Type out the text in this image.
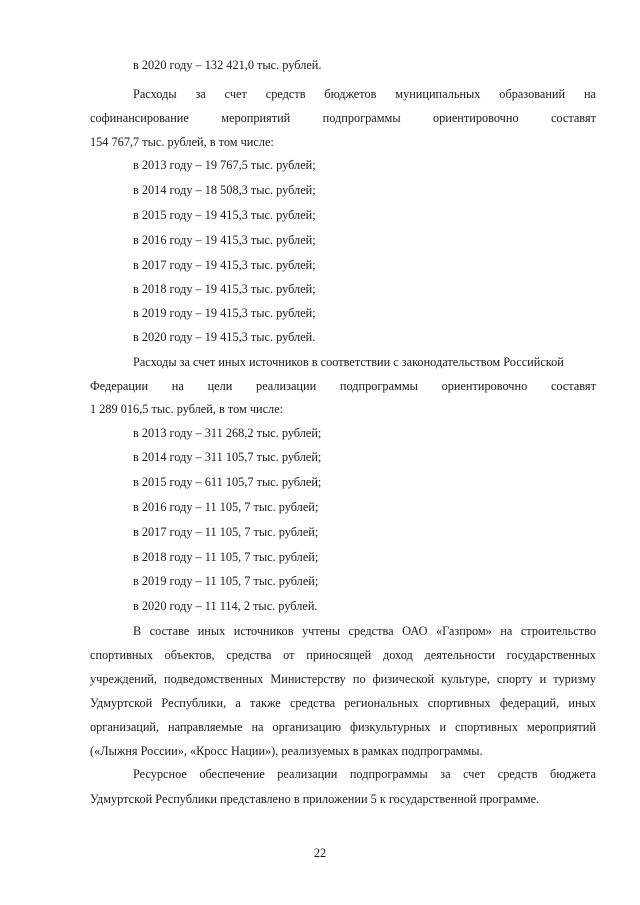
в 2020 году – 132 421,0 тыс. рублей.
Расходы за счет средств бюджетов муниципальных образований на
софинансирование	мероприятий	подпрограммы	ориентировочно	составят
154 767,7 тыс. рублей, в том числе:
в 2013 году – 19 767,5 тыс. рублей;
в 2014 году – 18 508,3 тыс. рублей;
в 2015 году – 19 415,3 тыс. рублей;
в 2016 году – 19 415,3 тыс. рублей;
в 2017 году – 19 415,3 тыс. рублей;
в 2018 году – 19 415,3 тыс. рублей;
в 2019 году – 19 415,3 тыс. рублей;
в 2020 году – 19 415,3 тыс. рублей.
Расходы за счет иных источников в соответствии с законодательством Российской
Федерации на цели реализации подпрограммы ориентировочно составят
1 289 016,5 тыс. рублей, в том числе:
в 2013 году – 311 268,2 тыс. рублей;
в 2014 году – 311 105,7 тыс. рублей;
в 2015 году – 611 105,7 тыс. рублей;
в 2016 году – 11 105, 7 тыс. рублей;
в 2017 году – 11 105, 7 тыс. рублей;
в 2018 году – 11 105, 7 тыс. рублей;
в 2019 году – 11 105, 7 тыс. рублей;
в 2020 году – 11 114, 2 тыс. рублей.
В составе иных источников учтены средства ОАО «Газпром» на строительство
спортивных объектов, средства от приносящей доход деятельности государственных
учреждений, подведомственных Министерству по физической культуре, спорту и туризму
Удмуртской Республики, а также средства региональных спортивных федераций, иных
организаций, направляемые на организацию физкультурных и спортивных мероприятий
(«Лыжня России», «Кросс Нации»), реализуемых в рамках подпрограммы.
Ресурсное обеспечение реализации подпрограммы за счет средств бюджета
Удмуртской Республики представлено в приложении 5 к государственной программе.
22
